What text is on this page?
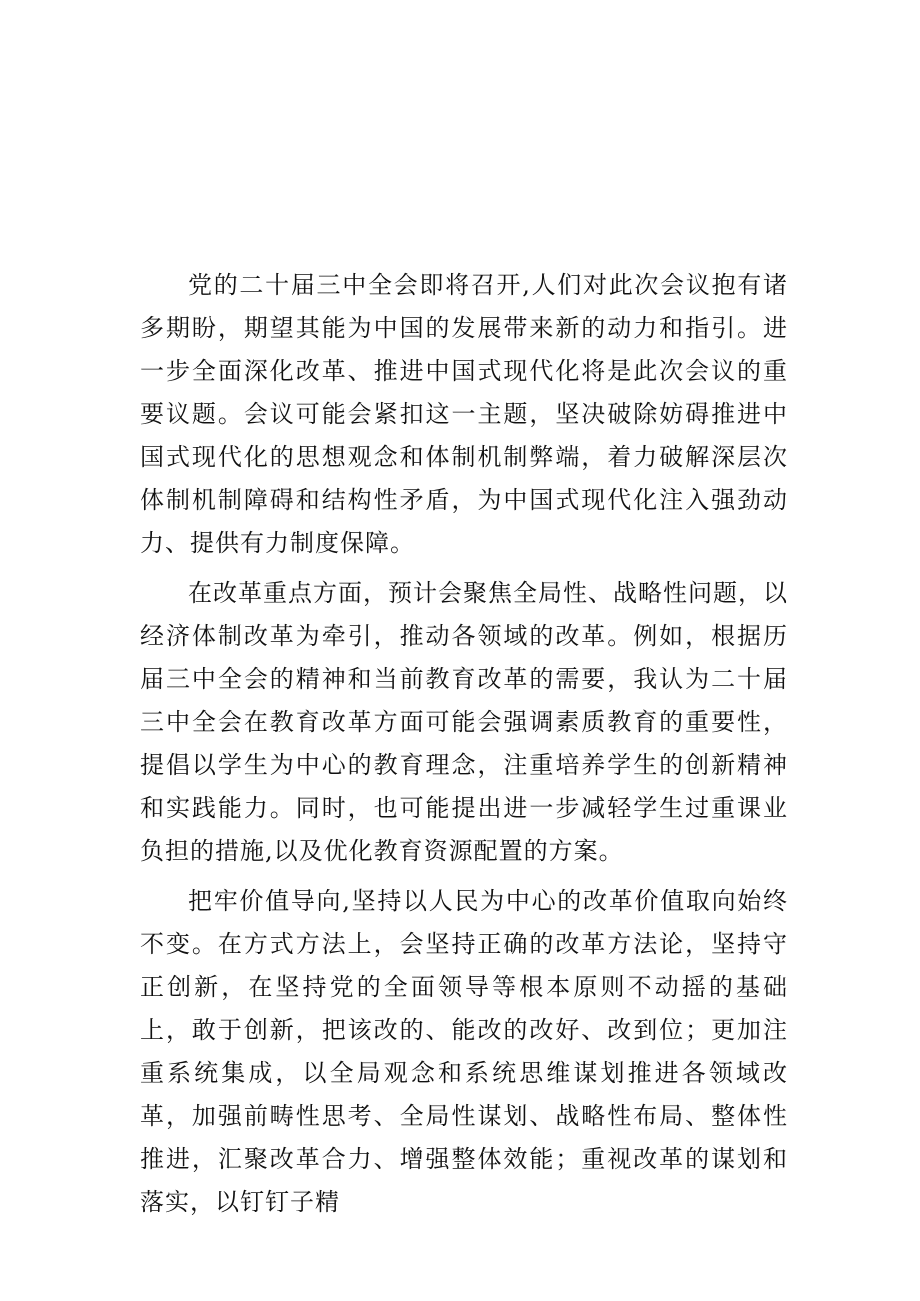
党的二十届三中全会即将召开,人们对此次会议抱有诸多期盼，期望其能为中国的发展带来新的动力和指引。进一步全面深化改革、推进中国式现代化将是此次会议的重要议题。会议可能会紧扣这一主题，坚决破除妨碍推进中国式现代化的思想观念和体制机制弊端，着力破解深层次体制机制障碍和结构性矛盾，为中国式现代化注入强劲动力、提供有力制度保障。

在改革重点方面，预计会聚焦全局性、战略性问题，以经济体制改革为牵引，推动各领域的改革。例如，根据历届三中全会的精神和当前教育改革的需要，我认为二十届三中全会在教育改革方面可能会强调素质教育的重要性，提倡以学生为中心的教育理念，注重培养学生的创新精神和实践能力。同时，也可能提出进一步减轻学生过重课业负担的措施,以及优化教育资源配置的方案。

把牢价值导向,坚持以人民为中心的改革价值取向始终不变。在方式方法上，会坚持正确的改革方法论，坚持守正创新，在坚持党的全面领导等根本原则不动摇的基础上，敢于创新，把该改的、能改的改好、改到位；更加注重系统集成，以全局观念和系统思维谋划推进各领域改革，加强前畴性思考、全局性谋划、战略性布局、整体性推进，汇聚改革合力、增强整体效能；重视改革的谋划和落实，以钉钉子精
